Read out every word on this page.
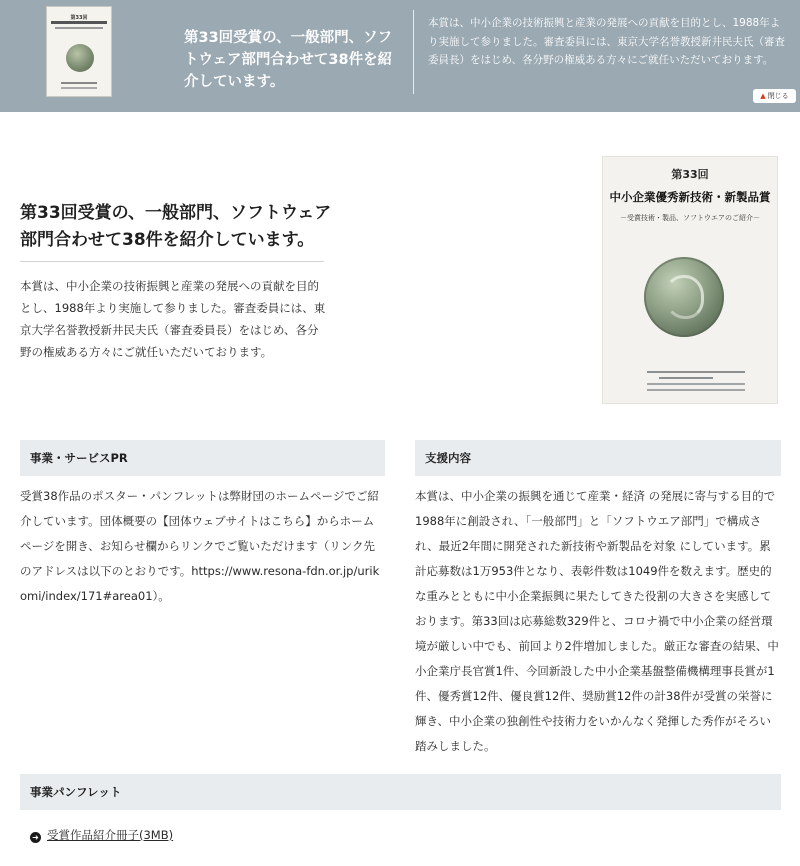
第33回
第33回受賞の、一般部門、ソフトウェア部門合わせて38件を紹介しています。
本賞は、中小企業の技術振興と産業の発展への貢献を目的とし、1988年より実施して参りました。審査委員には、東京大学名誉教授新井民夫氏（審査委員長）をはじめ、各分野の権威ある方々にご就任いただいております。
▲ 閉じる
第33回受賞の、一般部門、ソフトウェア部門合わせて38件を紹介しています。
本賞は、中小企業の技術振興と産業の発展への貢献を目的とし、1988年より実施して参りました。審査委員には、東京大学名誉教授新井民夫氏（審査委員長）をはじめ、各分野の権威ある方々にご就任いただいております。
第33回
中小企業優秀新技術・新製品賞
－受賞技術・製品、ソフトウエアのご紹介－
事業・サービスPR
受賞38作品のポスター・パンフレットは弊財団のホームページでご紹介しています。団体概要の【団体ウェブサイトはこちら】からホームページを開き、お知らせ欄からリンクでご覧いただけます（リンク先のアドレスは以下のとおりです。https://www.resona-fdn.or.jp/urikomi/index/171#area01）。
支援内容
本賞は、中小企業の振興を通じて産業・経済 の発展に寄与する目的で1988年に創設され、「一般部門」と「ソフトウエア部門」で構成され、最近2年間に開発された新技術や新製品を対象 にしています。累計応募数は1万953件となり、表彰件数は1049件を数えます。歴史的な重みとともに中小企業振興に果たしてきた役割の大きさを実感しております。第33回は応募総数329件と、コロナ禍で中小企業の経営環境が厳しい中でも、前回より2件増加しました。厳正な審査の結果、中小企業庁長官賞1件、今回新設した中小企業基盤整備機構理事長賞が1件、優秀賞12件、優良賞12件、奨励賞12件の計38件が受賞の栄誉に輝き、中小企業の独創性や技術力をいかんなく発揮した秀作がそろい踏みしました。
事業パンフレット
➜ 受賞作品紹介冊子(3MB)
